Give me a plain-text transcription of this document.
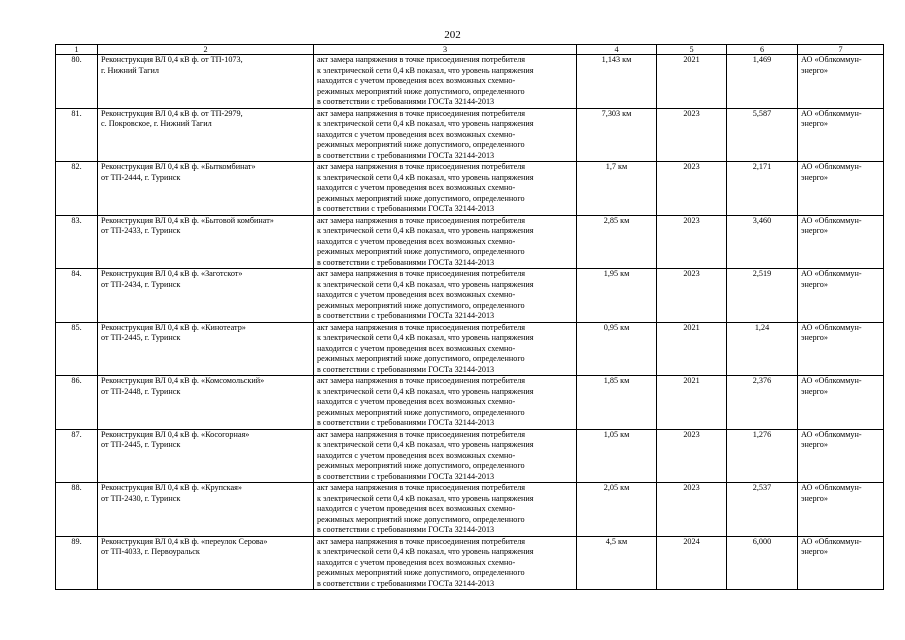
202
1	2	3	4	5	6	7
80.	Реконструкция ВЛ 0,4 кВ ф. от ТП-1073,
г. Нижний Тагил	акт замера напряжения в точке присоединения потребителя
к электрической сети 0,4 кВ показал, что уровень напряжения
находится с учетом проведения всех возможных схемно-
режимных мероприятий ниже допустимого, определенного
в соответствии с требованиями ГОСТа 32144-2013	1,143 км	2021	1,469	АО «Облкоммун-
энерго»

81.	Реконструкция ВЛ 0,4 кВ ф. от ТП-2979,
с. Покровское, г. Нижний Тагил	акт замера напряжения в точке присоединения потребителя
к электрической сети 0,4 кВ показал, что уровень напряжения
находится с учетом проведения всех возможных схемно-
режимных мероприятий ниже допустимого, определенного
в соответствии с требованиями ГОСТа 32144-2013	7,303 км	2023	5,587	АО «Облкоммун-
энерго»

82.	Реконструкция ВЛ 0,4 кВ ф. «Быткомбинат»
от ТП-2444, г. Туринск	акт замера напряжения в точке присоединения потребителя
к электрической сети 0,4 кВ показал, что уровень напряжения
находится с учетом проведения всех возможных схемно-
режимных мероприятий ниже допустимого, определенного
в соответствии с требованиями ГОСТа 32144-2013	1,7 км	2023	2,171	АО «Облкоммун-
энерго»

83.	Реконструкция ВЛ 0,4 кВ ф. «Бытовой комбинат»
от ТП-2433, г. Туринск	акт замера напряжения в точке присоединения потребителя
к электрической сети 0,4 кВ показал, что уровень напряжения
находится с учетом проведения всех возможных схемно-
режимных мероприятий ниже допустимого, определенного
в соответствии с требованиями ГОСТа 32144-2013	2,85 км	2023	3,460	АО «Облкоммун-
энерго»

84.	Реконструкция ВЛ 0,4 кВ ф. «Заготскот»
от ТП-2434, г. Туринск	акт замера напряжения в точке присоединения потребителя
к электрической сети 0,4 кВ показал, что уровень напряжения
находится с учетом проведения всех возможных схемно-
режимных мероприятий ниже допустимого, определенного
в соответствии с требованиями ГОСТа 32144-2013	1,95 км	2023	2,519	АО «Облкоммун-
энерго»

85.	Реконструкция ВЛ 0,4 кВ ф. «Кинотеатр»
от ТП-2445, г. Туринск	акт замера напряжения в точке присоединения потребителя
к электрической сети 0,4 кВ показал, что уровень напряжения
находится с учетом проведения всех возможных схемно-
режимных мероприятий ниже допустимого, определенного
в соответствии с требованиями ГОСТа 32144-2013	0,95 км	2021	1,24	АО «Облкоммун-
энерго»

86.	Реконструкция ВЛ 0,4 кВ ф. «Комсомольский»
от ТП-2448, г. Туринск	акт замера напряжения в точке присоединения потребителя
к электрической сети 0,4 кВ показал, что уровень напряжения
находится с учетом проведения всех возможных схемно-
режимных мероприятий ниже допустимого, определенного
в соответствии с требованиями ГОСТа 32144-2013	1,85 км	2021	2,376	АО «Облкоммун-
энерго»

87.	Реконструкция ВЛ 0,4 кВ ф. «Косогорная»
от ТП-2445, г. Туринск	акт замера напряжения в точке присоединения потребителя
к электрической сети 0,4 кВ показал, что уровень напряжения
находится с учетом проведения всех возможных схемно-
режимных мероприятий ниже допустимого, определенного
в соответствии с требованиями ГОСТа 32144-2013	1,05 км	2023	1,276	АО «Облкоммун-
энерго»

88.	Реконструкция ВЛ 0,4 кВ ф. «Крупская»
от ТП-2430, г. Туринск	акт замера напряжения в точке присоединения потребителя
к электрической сети 0,4 кВ показал, что уровень напряжения
находится с учетом проведения всех возможных схемно-
режимных мероприятий ниже допустимого, определенного
в соответствии с требованиями ГОСТа 32144-2013	2,05 км	2023	2,537	АО «Облкоммун-
энерго»

89.	Реконструкция ВЛ 0,4 кВ ф. «переулок Серова»
от ТП-4033, г. Первоуральск	акт замера напряжения в точке присоединения потребителя
к электрической сети 0,4 кВ показал, что уровень напряжения
находится с учетом проведения всех возможных схемно-
режимных мероприятий ниже допустимого, определенного
в соответствии с требованиями ГОСТа 32144-2013	4,5 км	2024	6,000	АО «Облкоммун-
энерго»
